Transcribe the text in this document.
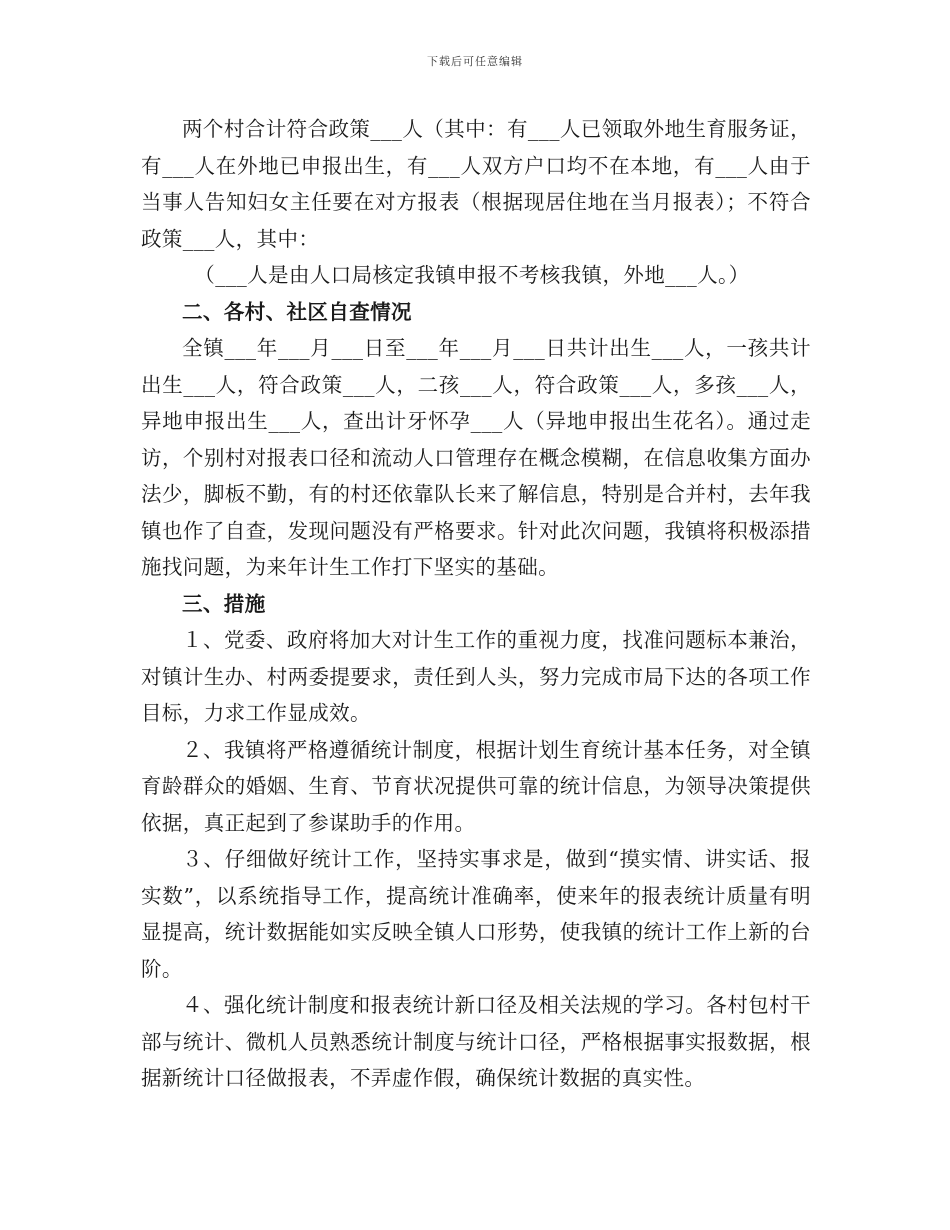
下载后可任意编辑

两个村合计符合政策___人（其中：有___人已领取外地生育服务证，有___人在外地已申报出生，有___人双方户口均不在本地，有___人由于当事人告知妇女主任要在对方报表（根据现居住地在当月报表）；不符合政策___人，其中：

（___人是由人口局核定我镇申报不考核我镇，外地___人。）

二、各村、社区自查情况

全镇___年___月___日至___年___月___日共计出生___人，一孩共计出生___人，符合政策___人，二孩___人，符合政策___人，多孩___人，异地申报出生___人，查出计牙怀孕___人（异地申报出生花名）。通过走访，个别村对报表口径和流动人口管理存在概念模糊，在信息收集方面办法少，脚板不勤，有的村还依靠队长来了解信息，特别是合并村，去年我镇也作了自查，发现问题没有严格要求。针对此次问题，我镇将积极添措施找问题，为来年计生工作打下坚实的基础。

三、措施

１、党委、政府将加大对计生工作的重视力度，找准问题标本兼治，对镇计生办、村两委提要求，责任到人头，努力完成市局下达的各项工作目标，力求工作显成效。

２、我镇将严格遵循统计制度，根据计划生育统计基本任务，对全镇育龄群众的婚姻、生育、节育状况提供可靠的统计信息，为领导决策提供依据，真正起到了参谋助手的作用。

３、仔细做好统计工作，坚持实事求是，做到“摸实情、讲实话、报实数”，以系统指导工作，提高统计准确率，使来年的报表统计质量有明显提高，统计数据能如实反映全镇人口形势，使我镇的统计工作上新的台阶。

４、强化统计制度和报表统计新口径及相关法规的学习。各村包村干部与统计、微机人员熟悉统计制度与统计口径，严格根据事实报数据，根据新统计口径做报表，不弄虚作假，确保统计数据的真实性。
